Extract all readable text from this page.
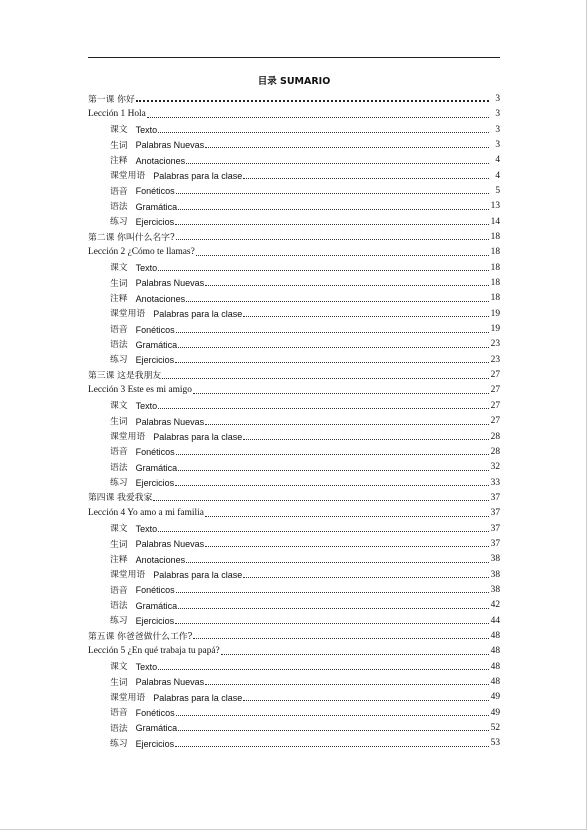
目录 SUMARIO
第一课 你好	3
Lección 1 Hola	3
课文 Texto	3
生词 Palabras Nuevas	3
注释 Anotaciones	4
课堂用语 Palabras para la clase	4
语音 Fonéticos	5
语法 Gramática	13
练习 Ejercicios	14
第二课 你叫什么名字?	18
Lección 2 ¿Cómo te llamas?	18
课文 Texto	18
生词 Palabras Nuevas	18
注释 Anotaciones	18
课堂用语 Palabras para la clase	19
语音 Fonéticos	19
语法 Gramática	23
练习 Ejercicios	23
第三课 这是我朋友	27
Lección 3 Este es mi amigo	27
课文 Texto	27
生词 Palabras Nuevas	27
课堂用语 Palabras para la clase	28
语音 Fonéticos	28
语法 Gramática	32
练习 Ejercicios	33
第四课 我爱我家	37
Lección 4 Yo amo a mi familia	37
课文 Texto	37
生词 Palabras Nuevas	37
注释 Anotaciones	38
课堂用语 Palabras para la clase	38
语音 Fonéticos	38
语法 Gramática	42
练习 Ejercicios	44
第五课 你爸爸做什么工作?	48
Lección 5 ¿En qué trabaja tu papá?	48
课文 Texto	48
生词 Palabras Nuevas	48
课堂用语 Palabras para la clase	49
语音 Fonéticos	49
语法 Gramática	52
练习 Ejercicios	53
